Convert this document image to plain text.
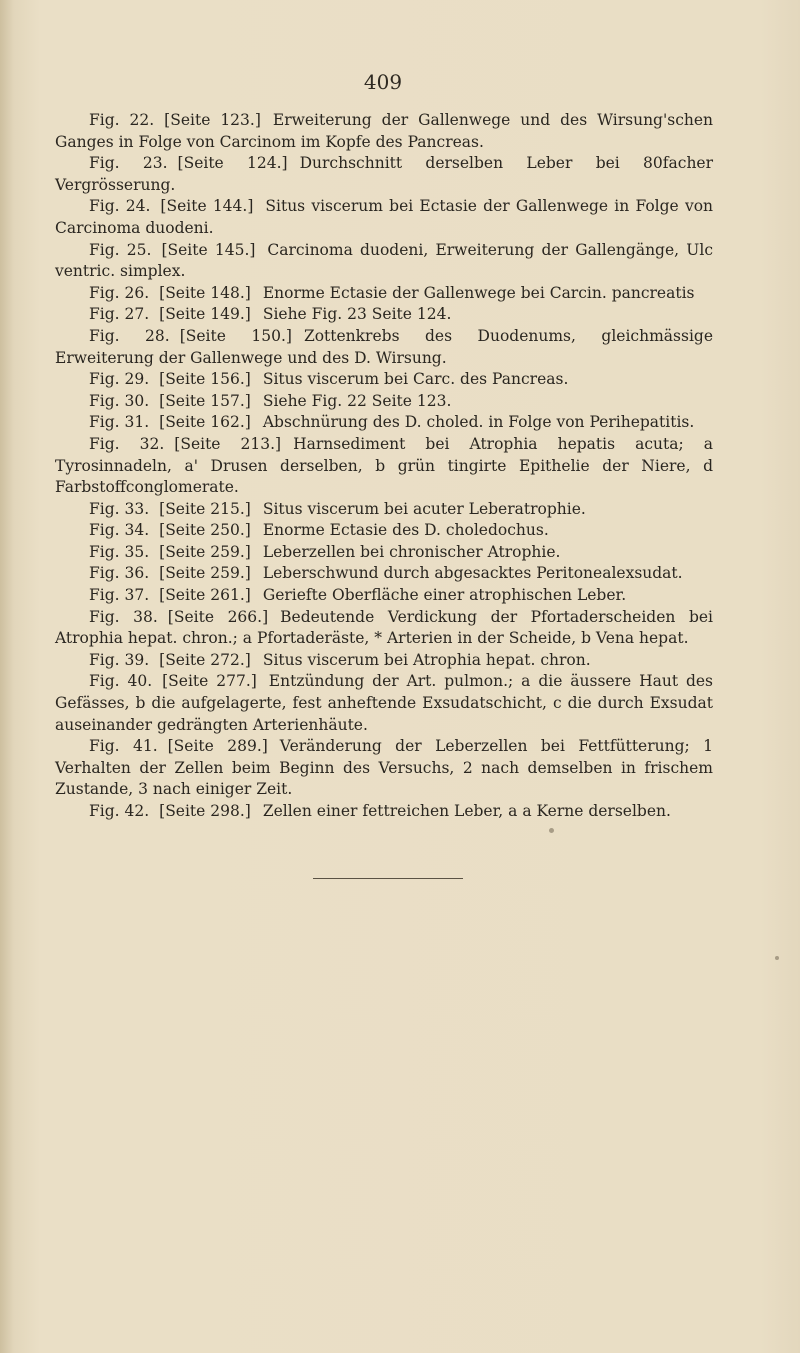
409

Fig. 22. [Seite 123.] Erweiterung der Gallenwege und des Wirsung'schen Ganges in Folge von Carcinom im Kopfe des Pancreas.

Fig. 23. [Seite 124.] Durchschnitt derselben Leber bei 80facher Vergrösserung.

Fig. 24. [Seite 144.] Situs viscerum bei Ectasie der Gallenwege in Folge von Carcinoma duodeni.

Fig. 25. [Seite 145.] Carcinoma duodeni, Erweiterung der Gallengänge, Ulc ventric. simplex.

Fig. 26. [Seite 148.] Enorme Ectasie der Gallenwege bei Carcin. pancreatis

Fig. 27. [Seite 149.] Siehe Fig. 23 Seite 124.

Fig. 28. [Seite 150.] Zottenkrebs des Duodenums, gleichmässige Erweiterung der Gallenwege und des D. Wirsung.

Fig. 29. [Seite 156.] Situs viscerum bei Carc. des Pancreas.

Fig. 30. [Seite 157.] Siehe Fig. 22 Seite 123.

Fig. 31. [Seite 162.] Abschnürung des D. choled. in Folge von Perihepatitis.

Fig. 32. [Seite 213.] Harnsediment bei Atrophia hepatis acuta; a Tyrosinnadeln, a' Drusen derselben, b grün tingirte Epithelie der Niere, d Farbstoffconglomerate.

Fig. 33. [Seite 215.] Situs viscerum bei acuter Leberatrophie.

Fig. 34. [Seite 250.] Enorme Ectasie des D. choledochus.

Fig. 35. [Seite 259.] Leberzellen bei chronischer Atrophie.

Fig. 36. [Seite 259.] Leberschwund durch abgesacktes Peritonealexsudat.

Fig. 37. [Seite 261.] Geriefte Oberfläche einer atrophischen Leber.

Fig. 38. [Seite 266.] Bedeutende Verdickung der Pfortaderscheiden bei Atrophia hepat. chron.; a Pfortaderäste, * Arterien in der Scheide, b Vena hepat.

Fig. 39. [Seite 272.] Situs viscerum bei Atrophia hepat. chron.

Fig. 40. [Seite 277.] Entzündung der Art. pulmon.; a die äussere Haut des Gefässes, b die aufgelagerte, fest anheftende Exsudatschicht, c die durch Exsudat auseinander gedrängten Arterienhäute.

Fig. 41. [Seite 289.] Veränderung der Leberzellen bei Fettfütterung; 1 Verhalten der Zellen beim Beginn des Versuchs, 2 nach demselben in frischem Zustande, 3 nach einiger Zeit.

Fig. 42. [Seite 298.] Zellen einer fettreichen Leber, a a Kerne derselben.
